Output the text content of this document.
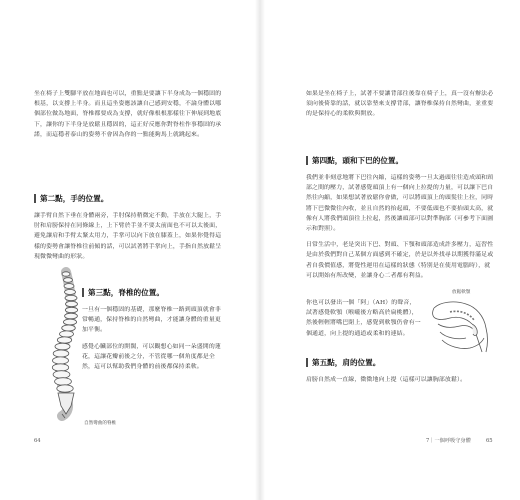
坐在椅子上雙腳平放在地面也可以，重點是要讓下半身成為一個穩固的根基，以支撐上半身。而且這坐姿應該讓自己感到安穩，不論身體以哪個部位做為地面，脊椎都要成為支撐，就好像根根那樣往下伸展到地底下，讓你的下半身是放鬆且穩固的，這正好反應你對脊柱作事穩固的承諾，而這穩者泰山的姿勢不會因為你的一點能夠馬上就跳起來。

第二點，手的位置。

讓手臂自然下垂在身體兩旁，手肘保持稍微定不動，手放在大腿上，手肘和肩膀保持在同條線上，上下臂於手並不要太前面也不可以太後面，避免讓肩和手臂太緊太用力，手掌可以向下放在膝蓋上，如果你覺得這樣的姿勢會讓脊椎往前傾的話，可以試著將手掌向上，手指自然放鬆呈現微微彎曲的形狀。

自然彎曲的脊椎
第三點，脊椎的位置。

一旦有一個穩固的基礎，那麼脊椎一路到頭頂就會非常暢通，保持脊椎的自然彎曲，才能讓身體的重量更加平衡。

感覺心臟部位的開闊，可以觀想心如同一朵盛開的蓮花，這讓花瓣前後之分，不管從哪一個角度都是全然，這可以幫助我們身體的前後都保持柔軟。

64

如果是坐在椅子上，試著不要讓背部往後靠在椅子上，真一沒有辦法必須向後倚靠的話，就以靠墊來支撐背部，讓脊椎保持自然彎曲，並重要的是保持心的柔軟與開放。

第四點，頭和下巴的位置。

我們並非刻意地將下巴往內縮，這樣的姿勢一旦太過頭往往造成頭和頸部之間的壓力，試著感覺頭頂上有一個向上拉提的力量，可以讓下巴自然往內縮，如果想試著放鬆你會做，可以將頭頂上的頭髮往上拉，同時將下巴微微往內收，並且自然的抬起頭，不要低頭也不要抬頭太高，就像有人將我們頭頂往上拉起，然後讓頭部可以對準胸部（可參考下面圖示和對照）。

日常生活中，老是突出下巴、對頭、下顎和頭部造成許多壓力，這習性是由於我們對自己某個方面感到不確定，於是以外找尋以期獲得滿足或者自我價值感，將覺性運用在這樣的狀態（特別是在使用電腦時），就可以開始有所改變，並讓身心二者都有利益。

你也可以發出一個「阿」（AH）的聲音，試著感覺軟顎（喉嚨後方略高於扁桃體），然後輕輕將嘴巴閉上，感覺到軟顎仍會有一個通道，向上提的通道或柔和的連結。

放鬆軟顎
第五點，肩的位置。

肩膀自然成一直線，微微地向上提（這樣可以讓胸部放鬆）。

7｜一個呼吸守身體	65
